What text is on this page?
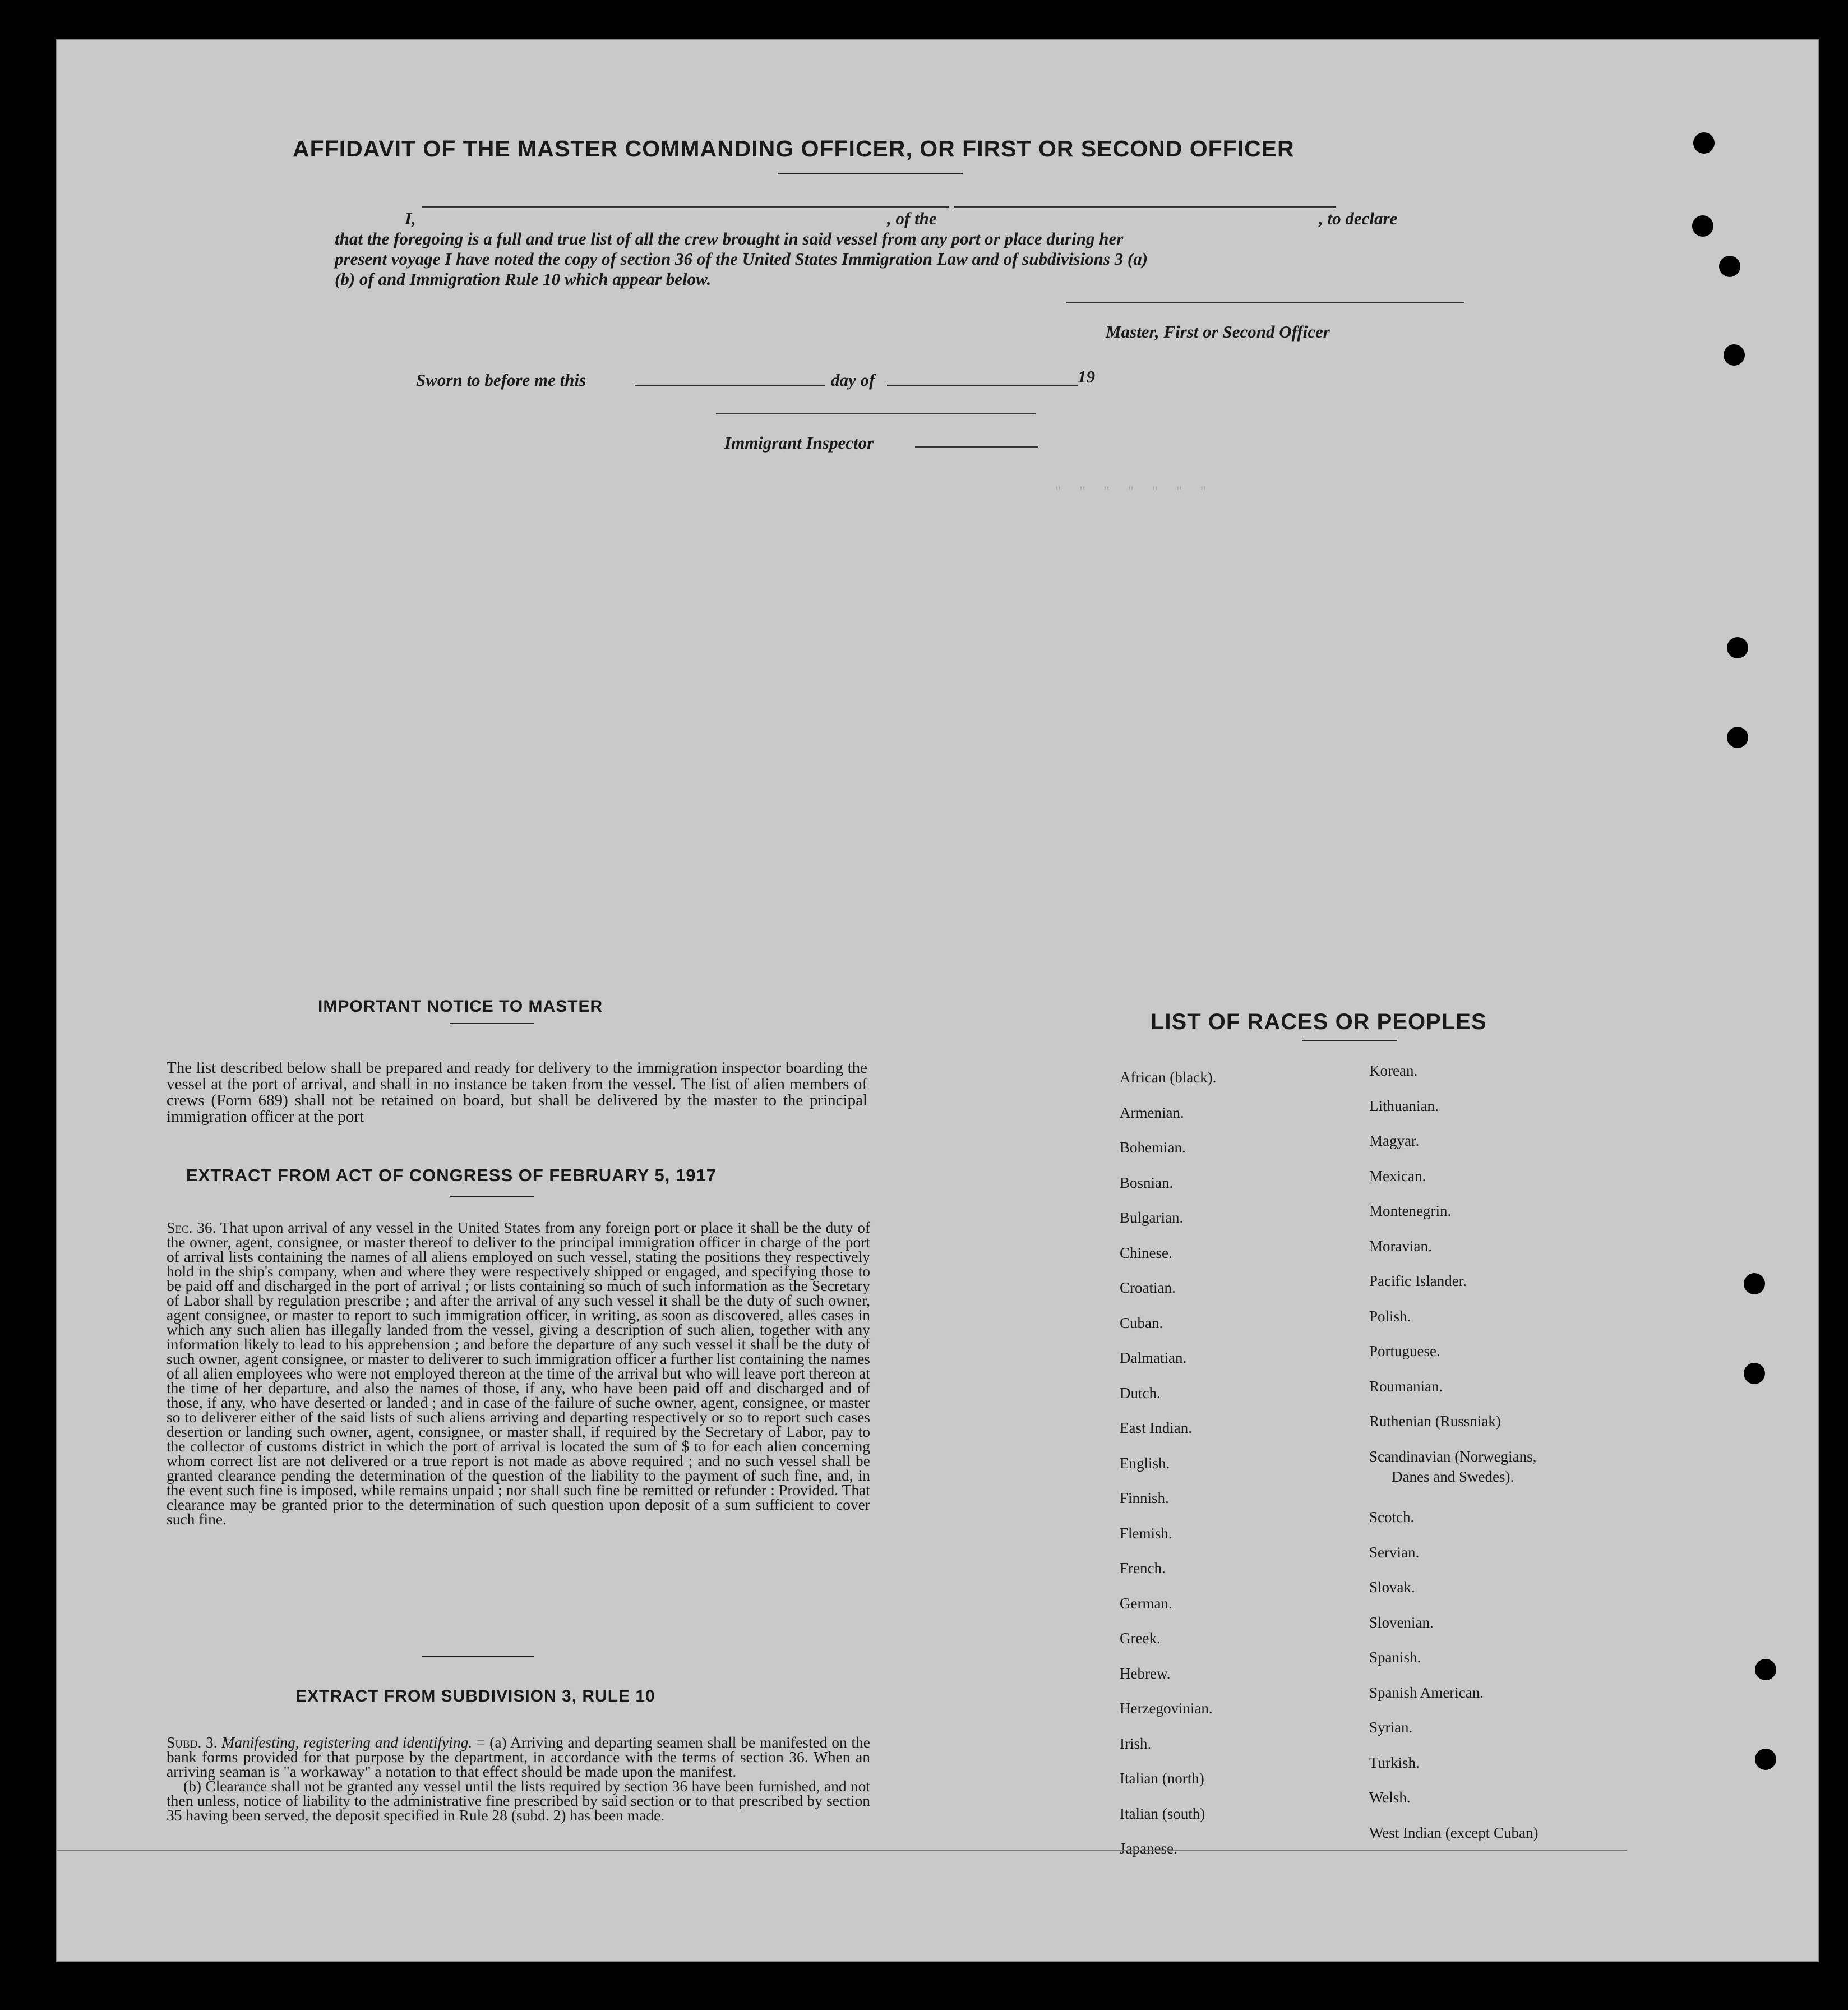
"     "     "     "     "     "     "
AFFIDAVIT OF THE MASTER COMMANDING OFFICER, OR FIRST OR SECOND OFFICER
I,	, of the	, to declare
that the foregoing is a full and true list of all the crew brought in said vessel from any port or place during her
present voyage I have noted the copy of section 36 of the United States Immigration Law and of subdivisions 3 (a)
(b) of and Immigration Rule 10 which appear below.
Master, First or Second Officer
Sworn to before me this	day of	19
Immigrant Inspector
IMPORTANT NOTICE TO MASTER

The list described below shall be prepared and ready for delivery to the immigration inspector boarding the vessel at the port of arrival, and shall in no instance be taken from the vessel. The list of alien members of crews (Form 689) shall not be retained on board, but shall be delivered by the master to the principal immigration officer at the port

EXTRACT FROM ACT OF CONGRESS OF FEBRUARY 5, 1917

Sec. 36. That upon arrival of any vessel in the United States from any foreign port or place it shall be the duty of the owner, agent, consignee, or master thereof to deliver to the principal immigration officer in charge of the port of arrival lists containing the names of all aliens employed on such vessel, stating the positions they respectively hold in the ship's company, when and where they were respectively shipped or engaged, and specifying those to be paid off and discharged in the port of arrival ; or lists containing so much of such information as the Secretary of Labor shall by regulation prescribe ; and after the arrival of any such vessel it shall be the duty of such owner, agent consignee, or master to report to such immigration officer, in writing, as soon as discovered, alles cases in which any such alien has illegally landed from the vessel, giving a description of such alien, together with any information likely to lead to his apprehension ; and before the departure of any such vessel it shall be the duty of such owner, agent consignee, or master to deliverer to such immigration officer a further list containing the names of all alien employees who were not employed thereon at the time of the arrival but who will leave port thereon at the time of her departure, and also the names of those, if any, who have been paid off and discharged and of those, if any, who have deserted or landed ; and in case of the failure of suche owner, agent, consignee, or master so to deliverer either of the said lists of such aliens arriving and departing respectively or so to report such cases desertion or landing such owner, agent, consignee, or master shall, if required by the Secretary of Labor, pay to the collector of customs district in which the port of arrival is located the sum of $ to for each alien concerning whom correct list are not delivered or a true report is not made as above required ; and no such vessel shall be granted clearance pending the determination of the question of the liability to the payment of such fine, and, in the event such fine is imposed, while remains unpaid ; nor shall such fine be remitted or refunder : Provided. That clearance may be granted prior to the determination of such question upon deposit of a sum sufficient to cover such fine.

EXTRACT FROM SUBDIVISION 3, RULE 10

Subd. 3. Manifesting, registering and identifying. = (a) Arriving and departing seamen shall be manifested on the bank forms provided for that purpose by the department, in accordance with the terms of section 36. When an arriving seaman is "a workaway" a notation to that effect should be made upon the manifest.

(b) Clearance shall not be granted any vessel until the lists required by section 36 have been furnished, and not then unless, notice of liability to the administrative fine prescribed by said section or to that prescribed by section 35 having been served, the deposit specified in Rule 28 (subd. 2) has been made.

LIST OF RACES OR PEOPLES
African (black).
Armenian.
Bohemian.
Bosnian.
Bulgarian.
Chinese.
Croatian.
Cuban.
Dalmatian.
Dutch.
East Indian.
English.
Finnish.
Flemish.
French.
German.
Greek.
Hebrew.
Herzegovinian.
Irish.
Italian (north)
Italian (south)
Japanese.
Korean.
Lithuanian.
Magyar.
Mexican.
Montenegrin.
Moravian.
Pacific Islander.
Polish.
Portuguese.
Roumanian.
Ruthenian (Russniak)
Scandinavian (Norwegians,
Danes and Swedes).
Scotch.
Servian.
Slovak.
Slovenian.
Spanish.
Spanish American.
Syrian.
Turkish.
Welsh.
West Indian (except Cuban)
